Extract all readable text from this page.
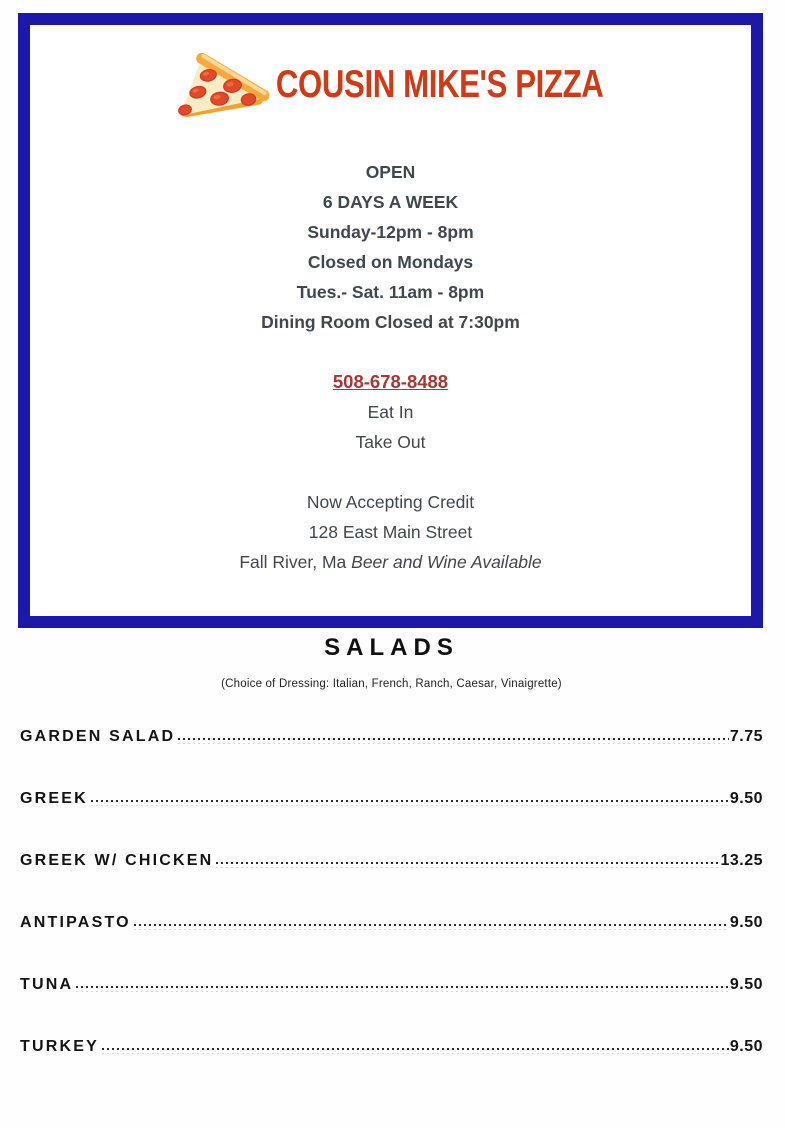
COUSIN MIKE'S PIZZA
OPEN
6 DAYS A WEEK
Sunday-12pm - 8pm
Closed on Mondays
Tues.- Sat. 11am - 8pm
Dining Room Closed at 7:30pm
508-678-8488
Eat In
Take Out
Now Accepting Credit
128 East Main Street
Fall River, Ma Beer and Wine Available
SALADS
(Choice of Dressing: Italian, French, Ranch, Caesar, Vinaigrette)
GARDEN SALAD	7.75
GREEK	9.50
GREEK W/ CHICKEN	13.25
ANTIPASTO	9.50
TUNA	9.50
TURKEY	9.50
